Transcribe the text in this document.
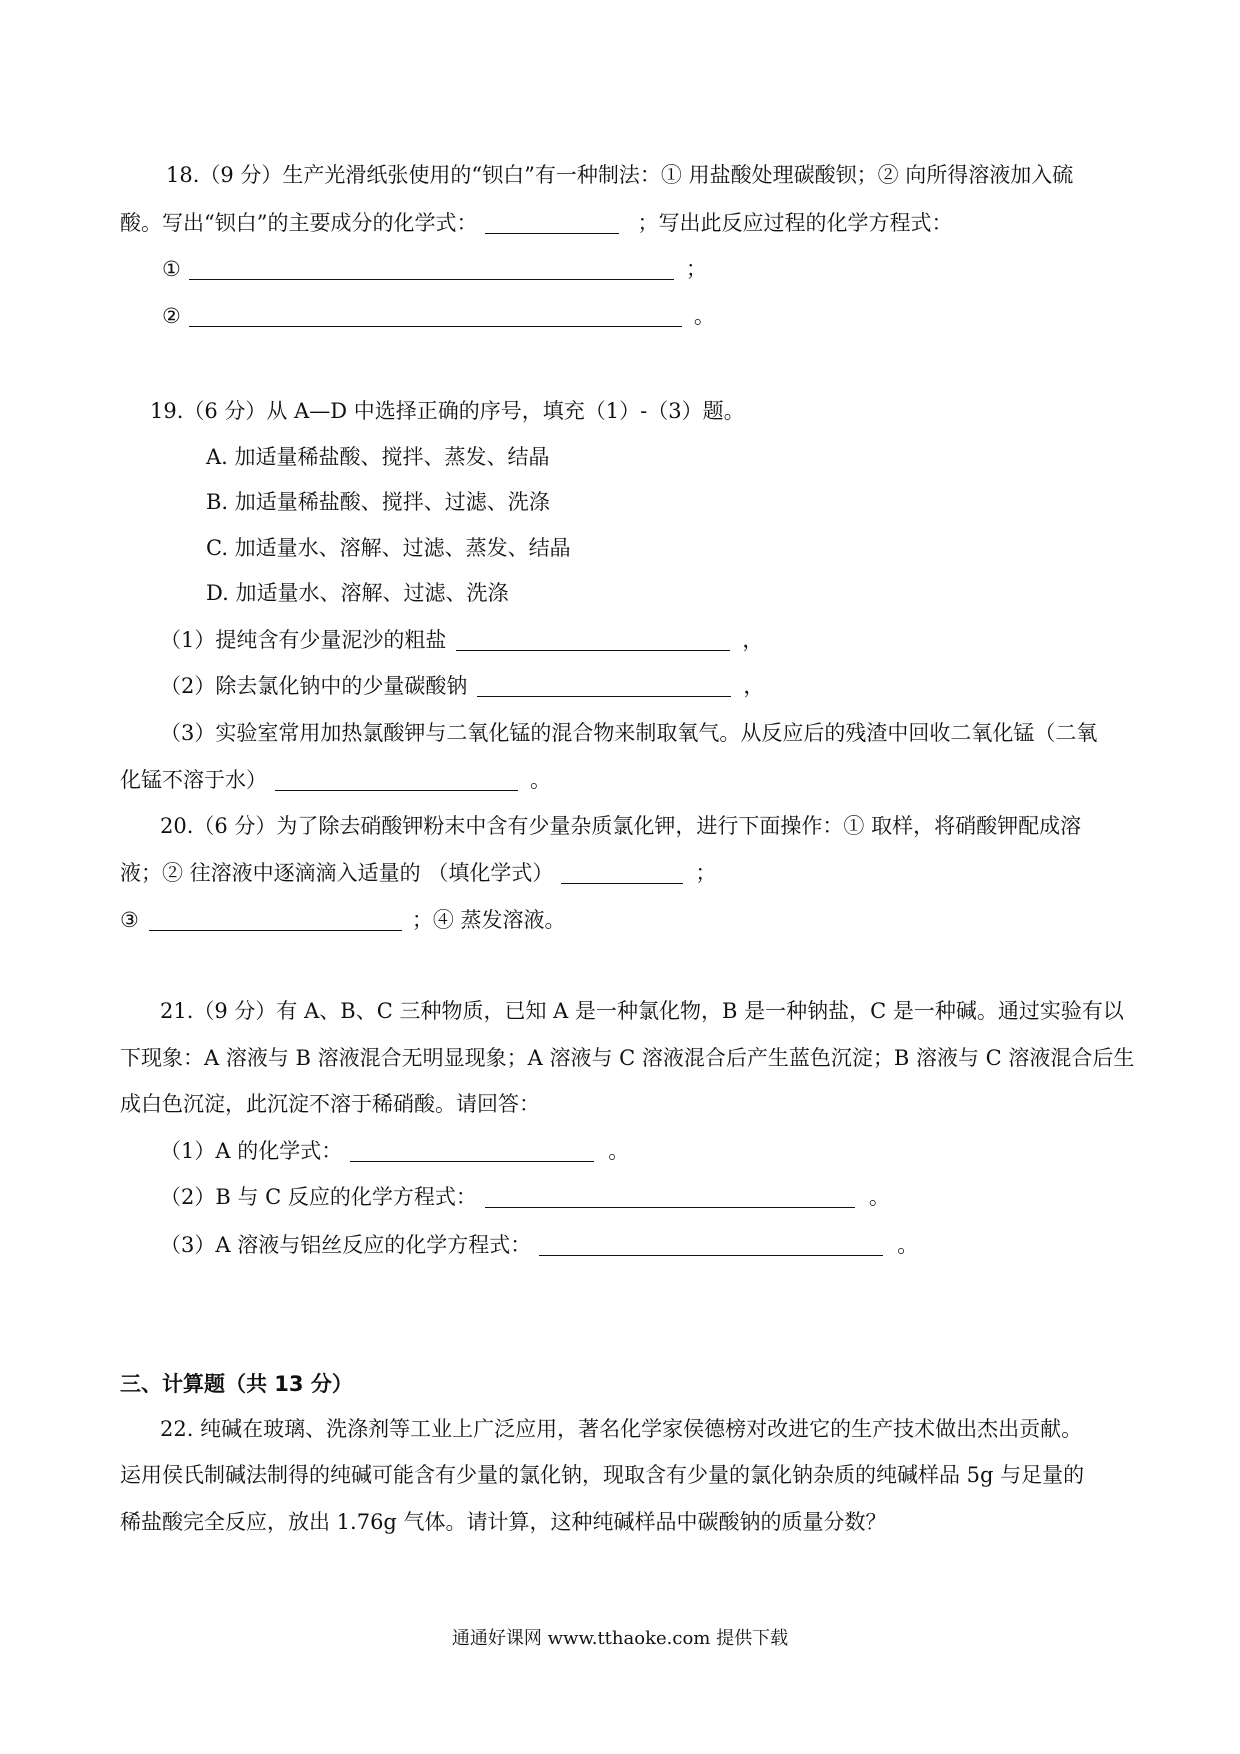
18.（9 分）生产光滑纸张使用的“钡白”有一种制法：① 用盐酸处理碳酸钡；② 向所得溶液加入硫
酸。写出“钡白”的主要成分的化学式：	；写出此反应过程的化学方程式：
①	；
②	。
19.（6 分）从 A—D 中选择正确的序号，填充（1）-（3）题。
A. 加适量稀盐酸、搅拌、蒸发、结晶
B. 加适量稀盐酸、搅拌、过滤、洗涤
C. 加适量水、溶解、过滤、蒸发、结晶
D. 加适量水、溶解、过滤、洗涤
（1）提纯含有少量泥沙的粗盐	，
（2）除去氯化钠中的少量碳酸钠	，
（3）实验室常用加热氯酸钾与二氧化锰的混合物来制取氧气。从反应后的残渣中回收二氧化锰（二氧
化锰不溶于水）	。
20.（6 分）为了除去硝酸钾粉末中含有少量杂质氯化钾，进行下面操作：① 取样，将硝酸钾配成溶
液；② 往溶液中逐滴滴入适量的 （填化学式）	；
③	；④ 蒸发溶液。
21.（9 分）有 A、B、C 三种物质，已知 A 是一种氯化物，B 是一种钠盐，C 是一种碱。通过实验有以
下现象：A 溶液与 B 溶液混合无明显现象；A 溶液与 C 溶液混合后产生蓝色沉淀；B 溶液与 C 溶液混合后生
成白色沉淀，此沉淀不溶于稀硝酸。请回答：
（1）A 的化学式：	。
（2）B 与 C 反应的化学方程式：	。
（3）A 溶液与铝丝反应的化学方程式：	。
三、计算题（共 13 分）
22. 纯碱在玻璃、洗涤剂等工业上广泛应用，著名化学家侯德榜对改进它的生产技术做出杰出贡献。
运用侯氏制碱法制得的纯碱可能含有少量的氯化钠，现取含有少量的氯化钠杂质的纯碱样品 5g 与足量的
稀盐酸完全反应，放出 1.76g 气体。请计算，这种纯碱样品中碳酸钠的质量分数？
通通好课网 www.tthaoke.com 提供下载
